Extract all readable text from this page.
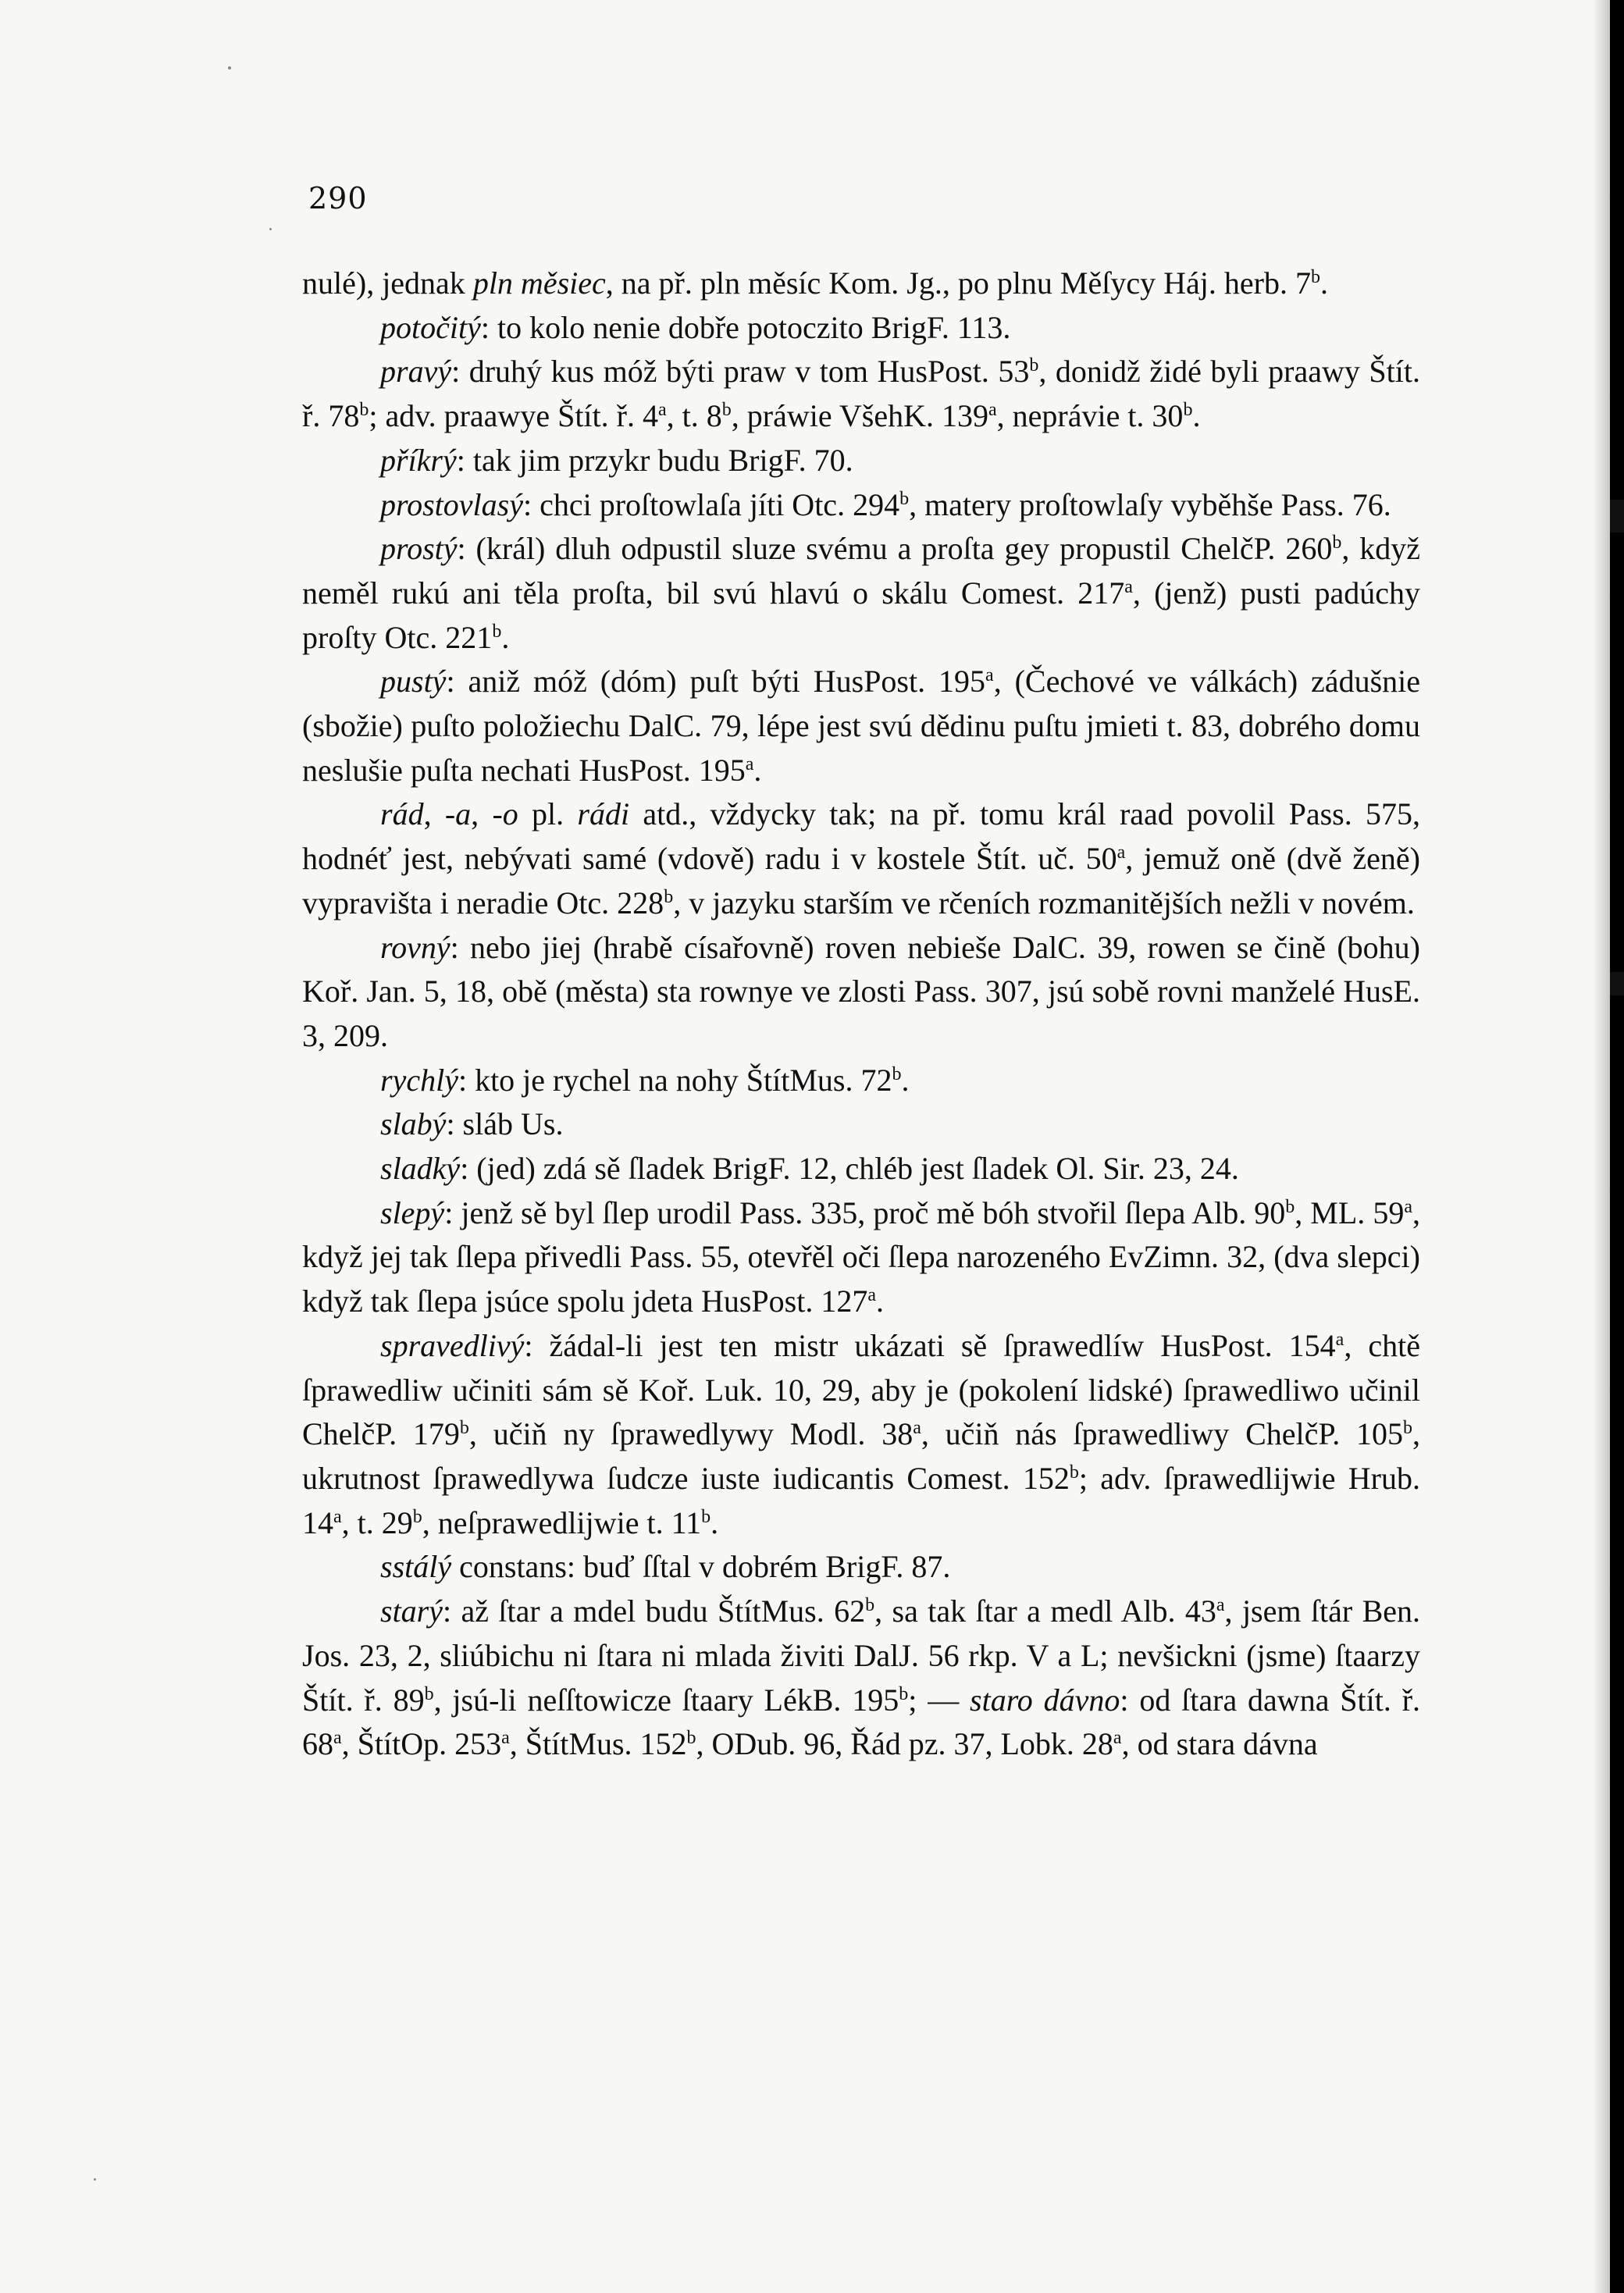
290

nulé), jednak pln měsiec, na př. pln měsíc Kom. Jg., po plnu Měſycy Háj. herb. 7$^b$.

potočitý: to kolo nenie dobře potoczito BrigF. 113.

pravý: druhý kus móž býti praw v tom HusPost. 53$^b$, donidž židé byli praawy Štít. ř. 78$^b$; adv. praawye Štít. ř. 4$^a$, t. 8$^b$, práwie VšehK. 139$^a$, neprávie t. 30$^b$.

příkrý: tak jim przykr budu BrigF. 70.

prostovlasý: chci proſtowlaſa jíti Otc. 294$^b$, matery proſtowlaſy vyběhše Pass. 76.

prostý: (král) dluh odpustil sluze svému a proſta gey propustil ChelčP. 260$^b$, když neměl rukú ani těla proſta, bil svú hlavú o skálu Comest. 217$^a$, (jenž) pusti padúchy proſty Otc. 221$^b$.

pustý: aniž móž (dóm) puſt býti HusPost. 195$^a$, (Čechové ve válkách) zádušnie (sbožie) puſto položiechu DalC. 79, lépe jest svú dědinu puſtu jmieti t. 83, dobrého domu neslušie puſta nechati HusPost. 195$^a$.

rád, -a, -o pl. rádi atd., vždycky tak; na př. tomu král raad povolil Pass. 575, hodnéť jest, nebývati samé (vdově) radu i v kostele Štít. uč. 50$^a$, jemuž oně (dvě ženě) vypravišta i neradie Otc. 228$^b$, v jazyku starším ve rčeních rozmanitějších nežli v novém.

rovný: nebo jiej (hrabě císařovně) roven nebieše DalC. 39, rowen se čině (bohu) Koř. Jan. 5, 18, obě (města) sta rownye ve zlosti Pass. 307, jsú sobě rovni manželé HusE. 3, 209.

rychlý: kto je rychel na nohy ŠtítMus. 72$^b$.

slabý: sláb Us.

sladký: (jed) zdá sě ſladek BrigF. 12, chléb jest ſladek Ol. Sir. 23, 24.

slepý: jenž sě byl ſlep urodil Pass. 335, proč mě bóh stvořil ſlepa Alb. 90$^b$, ML. 59$^a$, když jej tak ſlepa přivedli Pass. 55, otevřěl oči ſlepa narozeného EvZimn. 32, (dva slepci) když tak ſlepa jsúce spolu jdeta HusPost. 127$^a$.

spravedlivý: žádal-li jest ten mistr ukázati sě ſprawedlíw HusPost. 154$^a$, chtě ſprawedliw učiniti sám sě Koř. Luk. 10, 29, aby je (pokolení lidské) ſprawedliwo učinil ChelčP. 179$^b$, učiň ny ſprawedlywy Modl. 38$^a$, učiň nás ſprawedliwy ChelčP. 105$^b$, ukrutnost ſprawedlywa ſudcze iuste iudicantis Comest. 152$^b$; adv. ſprawedlijwie Hrub. 14$^a$, t. 29$^b$, neſprawedlijwie t. 11$^b$.

sstálý constans: buď ſſtal v dobrém BrigF. 87.

starý: až ſtar a mdel budu ŠtítMus. 62$^b$, sa tak ſtar a medl Alb. 43$^a$, jsem ſtár Ben. Jos. 23, 2, sliúbichu ni ſtara ni mlada živiti DalJ. 56 rkp. V a L; nevšickni (jsme) ſtaarzy Štít. ř. 89$^b$, jsú-li neſſtowicze ſtaary LékB. 195$^b$; — staro dávno: od ſtara dawna Štít. ř. 68$^a$, ŠtítOp. 253$^a$, ŠtítMus. 152$^b$, ODub. 96, Řád pz. 37, Lobk. 28$^a$, od stara dávna
